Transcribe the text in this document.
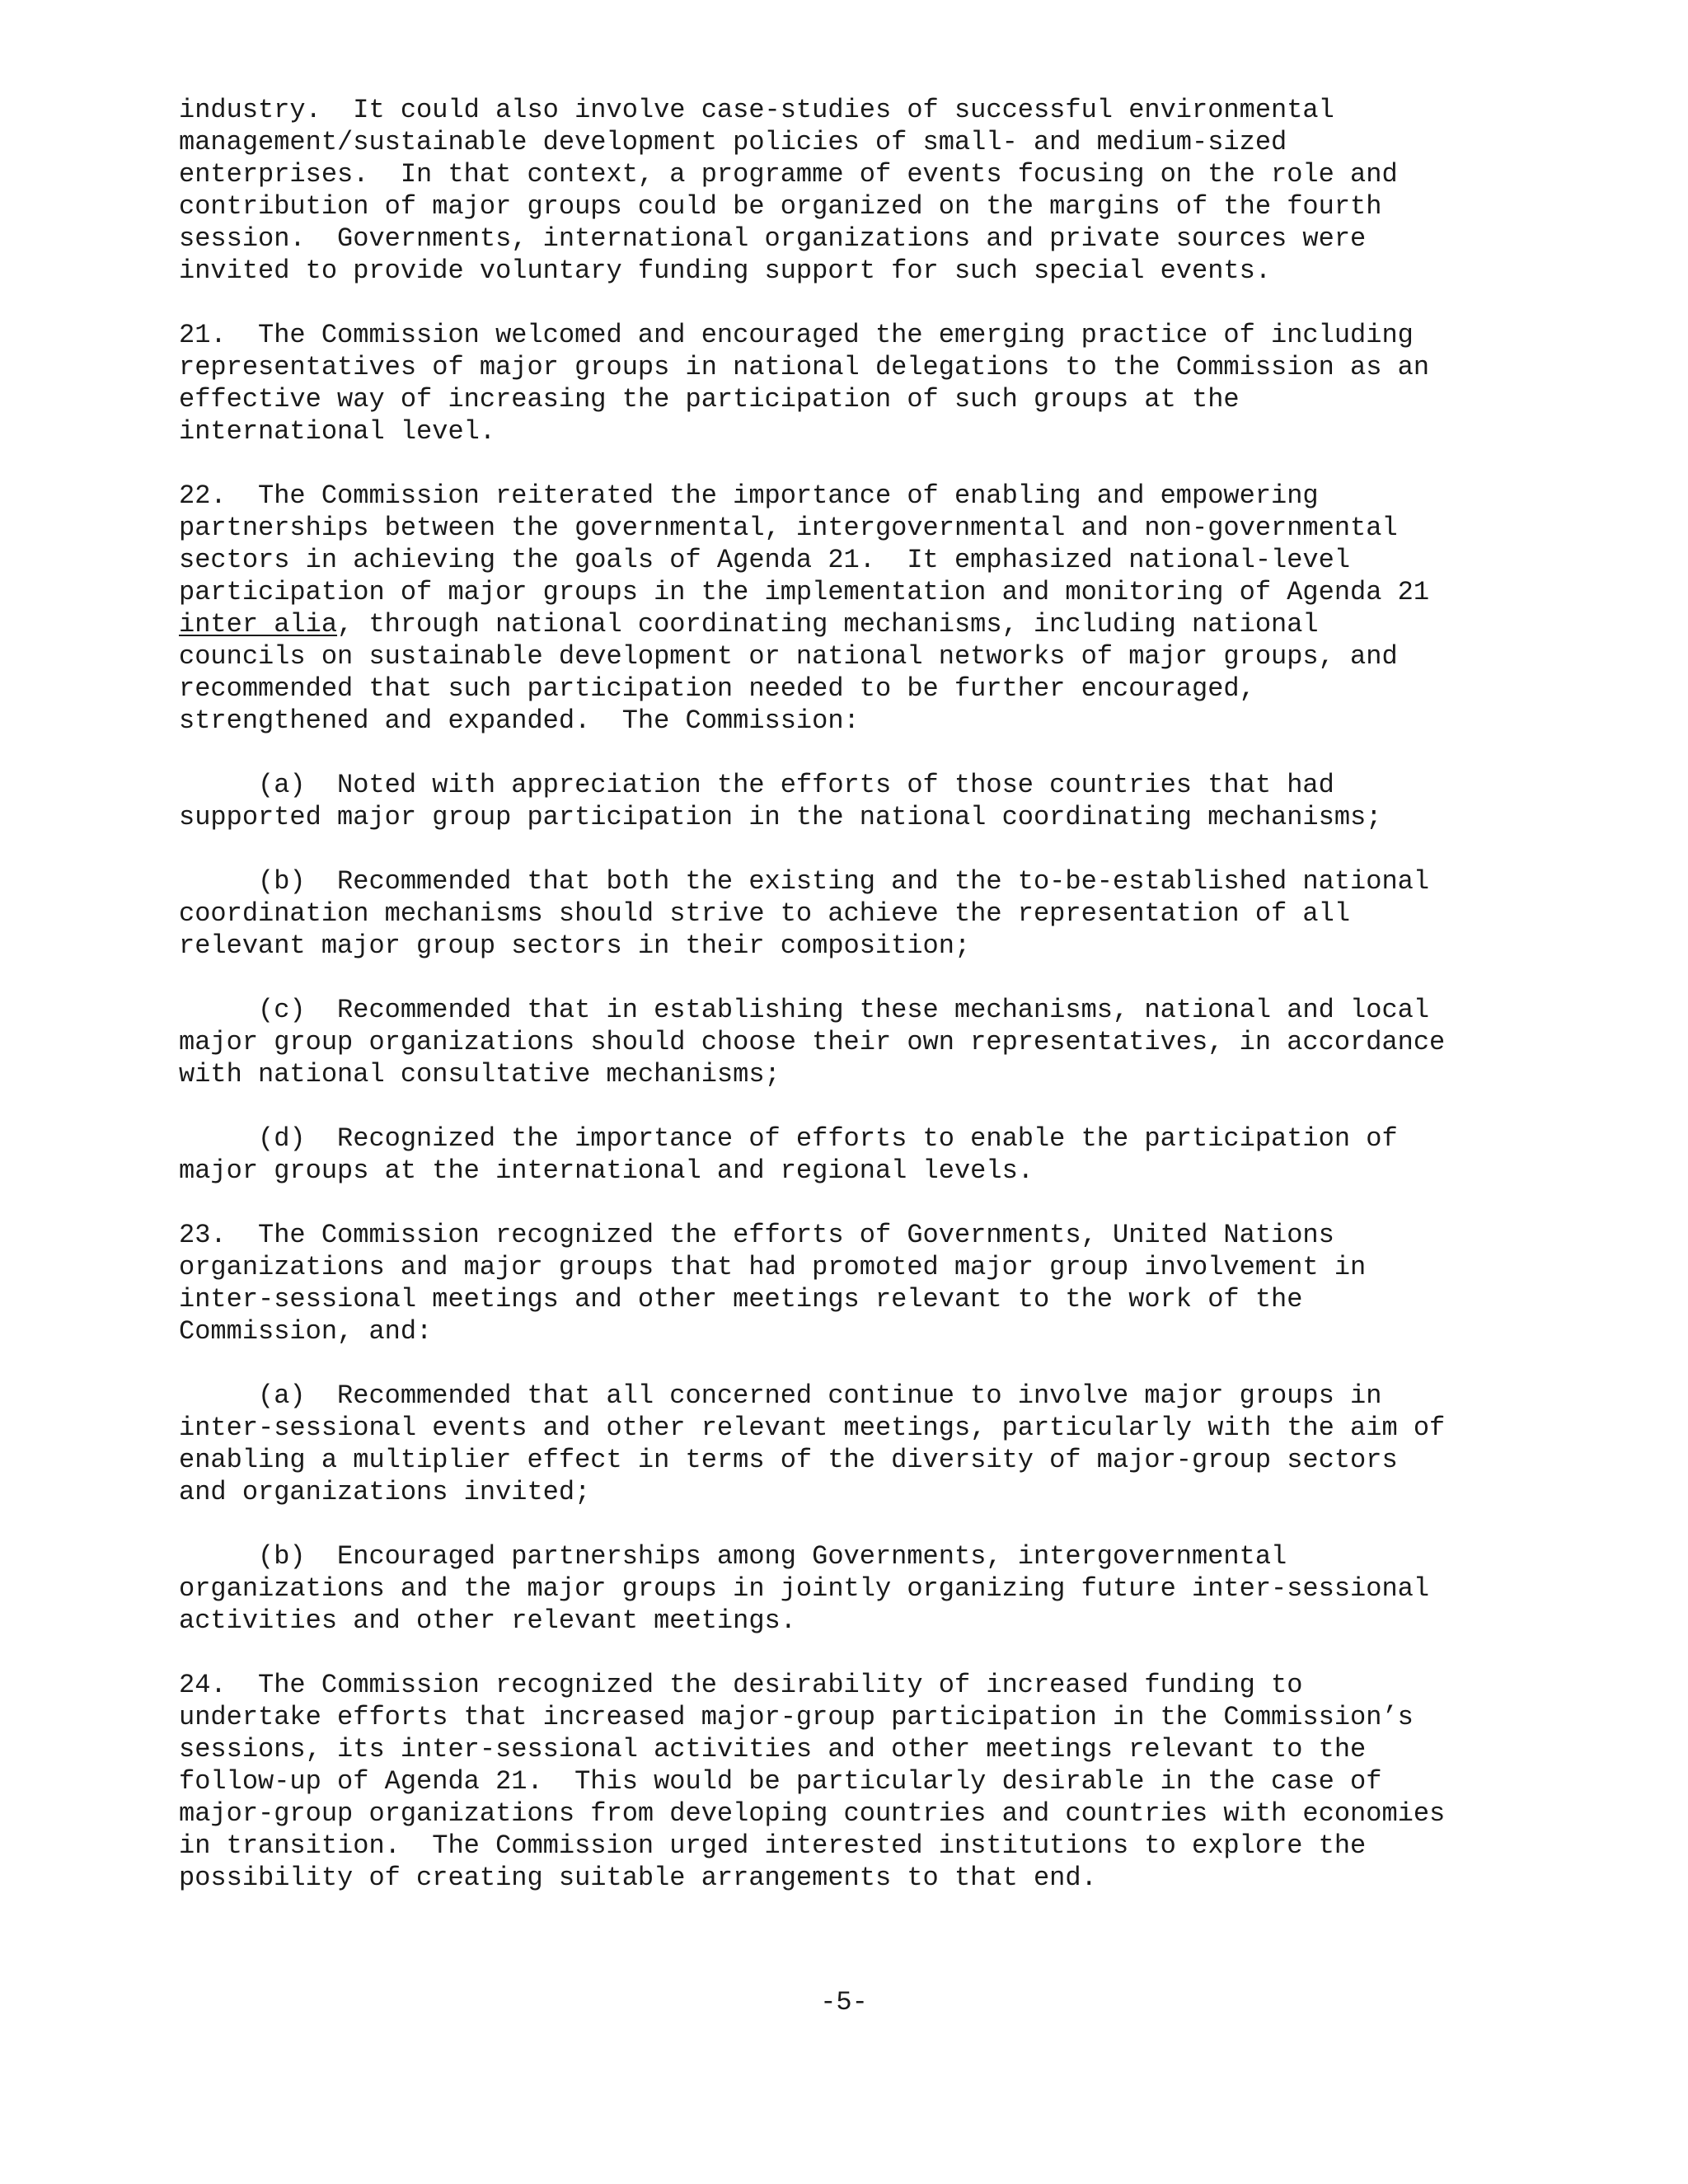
industry.  It could also involve case-studies of successful environmental
management/sustainable development policies of small- and medium-sized
enterprises.  In that context, a programme of events focusing on the role and
contribution of major groups could be organized on the margins of the fourth
session.  Governments, international organizations and private sources were
invited to provide voluntary funding support for such special events.
21.  The Commission welcomed and encouraged the emerging practice of including
representatives of major groups in national delegations to the Commission as an
effective way of increasing the participation of such groups at the
international level.
22.  The Commission reiterated the importance of enabling and empowering
partnerships between the governmental, intergovernmental and non-governmental
sectors in achieving the goals of Agenda 21.  It emphasized national-level
participation of major groups in the implementation and monitoring of Agenda 21
inter alia, through national coordinating mechanisms, including national
councils on sustainable development or national networks of major groups, and
recommended that such participation needed to be further encouraged,
strengthened and expanded.  The Commission:
(a)  Noted with appreciation the efforts of those countries that had
supported major group participation in the national coordinating mechanisms;
(b)  Recommended that both the existing and the to-be-established national
coordination mechanisms should strive to achieve the representation of all
relevant major group sectors in their composition;
(c)  Recommended that in establishing these mechanisms, national and local
major group organizations should choose their own representatives, in accordance
with national consultative mechanisms;
(d)  Recognized the importance of efforts to enable the participation of
major groups at the international and regional levels.
23.  The Commission recognized the efforts of Governments, United Nations
organizations and major groups that had promoted major group involvement in
inter-sessional meetings and other meetings relevant to the work of the
Commission, and:
(a)  Recommended that all concerned continue to involve major groups in
inter-sessional events and other relevant meetings, particularly with the aim of
enabling a multiplier effect in terms of the diversity of major-group sectors
and organizations invited;
(b)  Encouraged partnerships among Governments, intergovernmental
organizations and the major groups in jointly organizing future inter-sessional
activities and other relevant meetings.
24.  The Commission recognized the desirability of increased funding to
undertake efforts that increased major-group participation in the Commission’s
sessions, its inter-sessional activities and other meetings relevant to the
follow-up of Agenda 21.  This would be particularly desirable in the case of
major-group organizations from developing countries and countries with economies
in transition.  The Commission urged interested institutions to explore the
possibility of creating suitable arrangements to that end.
-5-
